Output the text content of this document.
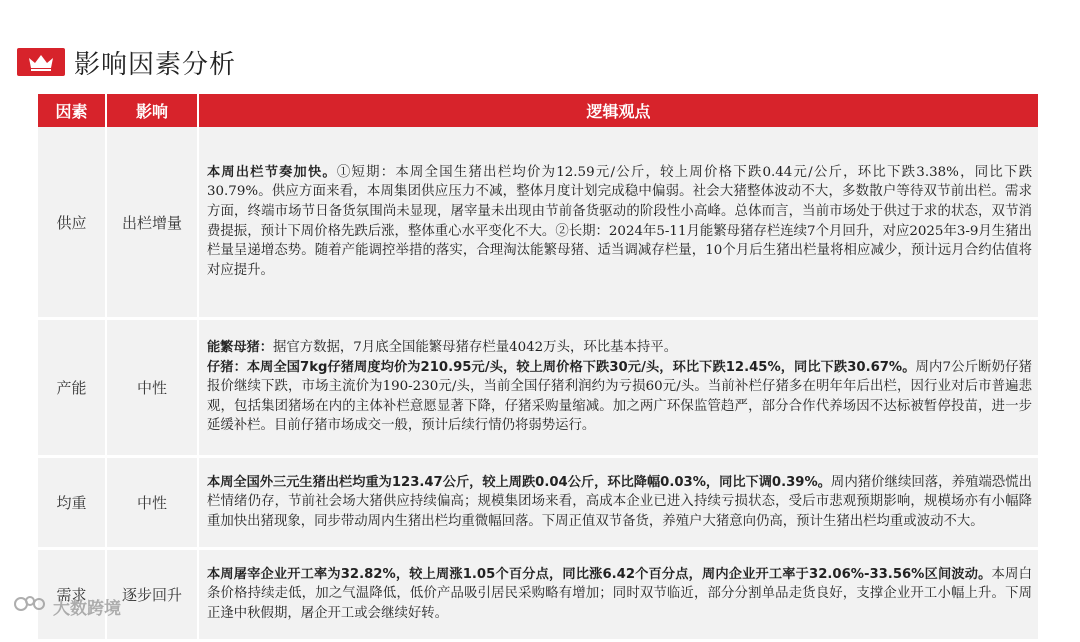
影响因素分析
因素	影响	逻辑观点
供应	出栏增量	本周出栏节奏加快。①短期：本周全国生猪出栏均价为12.59元/公斤，较上周价格下跌0.44元/公斤，环比下跌3.38%，同比下跌30.79%。供应方面来看，本周集团供应压力不减，整体月度计划完成稳中偏弱。社会大猪整体波动不大，多数散户等待双节前出栏。需求方面，终端市场节日备货氛围尚未显现，屠宰量未出现由节前备货驱动的阶段性小高峰。总体而言，当前市场处于供过于求的状态，双节消费提振，预计下周价格先跌后涨，整体重心水平变化不大。②长期：2024年5-11月能繁母猪存栏连续7个月回升，对应2025年3-9月生猪出栏量呈递增态势。随着产能调控举措的落实，合理淘汰能繁母猪、适当调减存栏量，10个月后生猪出栏量将相应减少，预计远月合约估值将对应提升。

产能	中性	能繁母猪：据官方数据，7月底全国能繁母猪存栏量4042万头，环比基本持平。

仔猪：本周全国7kg仔猪周度均价为210.95元/头，较上周价格下跌30元/头，环比下跌12.45%，同比下跌30.67%。周内7公斤断奶仔猪报价继续下跌，市场主流价为190-230元/头，当前全国仔猪利润约为亏损60元/头。当前补栏仔猪多在明年年后出栏，因行业对后市普遍悲观，包括集团猪场在内的主体补栏意愿显著下降，仔猪采购量缩减。加之两广环保监管趋严，部分合作代养场因不达标被暂停投苗，进一步延缓补栏。目前仔猪市场成交一般，预计后续行情仍将弱势运行。

均重	中性	本周全国外三元生猪出栏均重为123.47公斤，较上周跌0.04公斤，环比降幅0.03%，同比下调0.39%。周内猪价继续回落，养殖端恐慌出栏情绪仍存，节前社会场大猪供应持续偏高；规模集团场来看，高成本企业已进入持续亏损状态，受后市悲观预期影响，规模场亦有小幅降重加快出猪现象，同步带动周内生猪出栏均重微幅回落。下周正值双节备货，养殖户大猪意向仍高，预计生猪出栏均重或波动不大。

需求	逐步回升	本周屠宰企业开工率为32.82%，较上周涨1.05个百分点，同比涨6.42个百分点，周内企业开工率于32.06%-33.56%区间波动。本周白条价格持续走低，加之气温降低，低价产品吸引居民采购略有增加；同时双节临近，部分分割单品走货良好，支撑企业开工小幅上升。下周正逢中秋假期，屠企开工或会继续好转。

大数跨境
